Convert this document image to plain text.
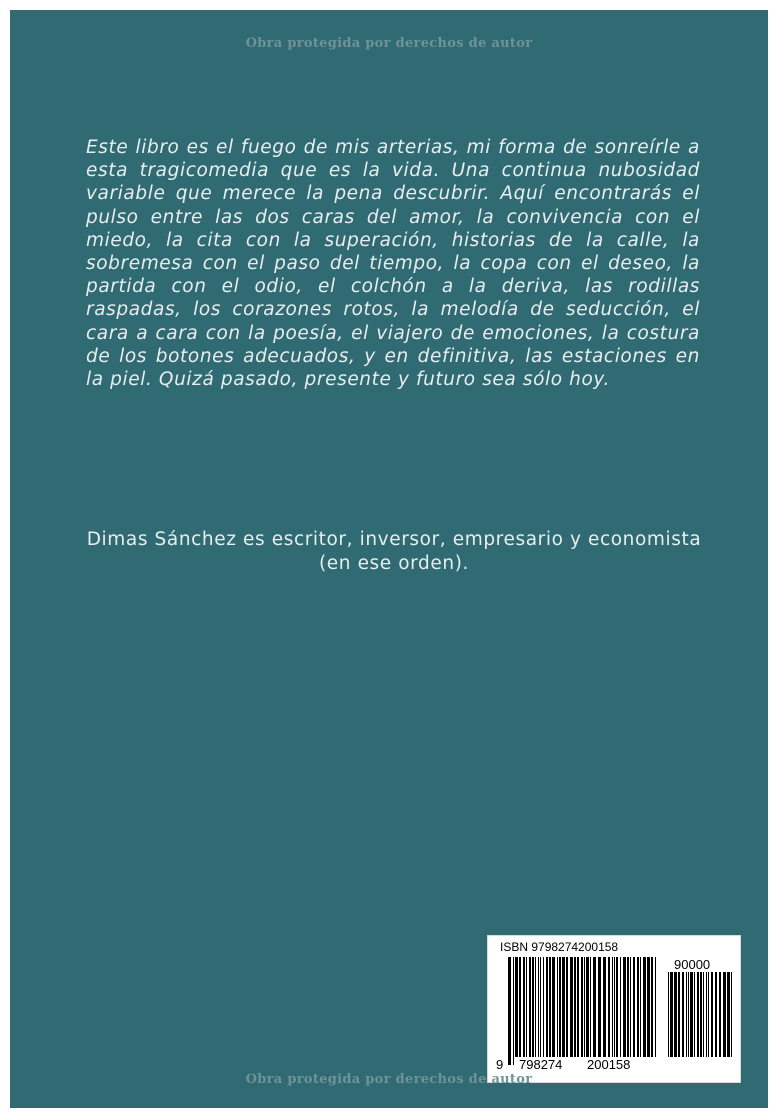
Obra protegida por derechos de autor
Este libro es el fuego de mis arterias, mi forma de sonreírle a esta tragicomedia que es la vida. Una continua nubosidad variable que merece la pena descubrir. Aquí encontrarás el pulso entre las dos caras del amor, la convivencia con el miedo, la cita con la superación, historias de la calle, la sobremesa con el paso del tiempo, la copa con el deseo, la partida con el odio, el colchón a la deriva, las rodillas raspadas, los corazones rotos, la melodía de seducción, el cara a cara con la poesía, el viajero de emociones, la costura de los botones adecuados, y en definitiva, las estaciones en la piel. Quizá pasado, presente y futuro sea sólo hoy.
Dimas Sánchez es escritor, inversor, empresario y economista (en ese orden).
ISBN 9798274200158
90000
9 798274 200158
Obra protegida por derechos de autor
